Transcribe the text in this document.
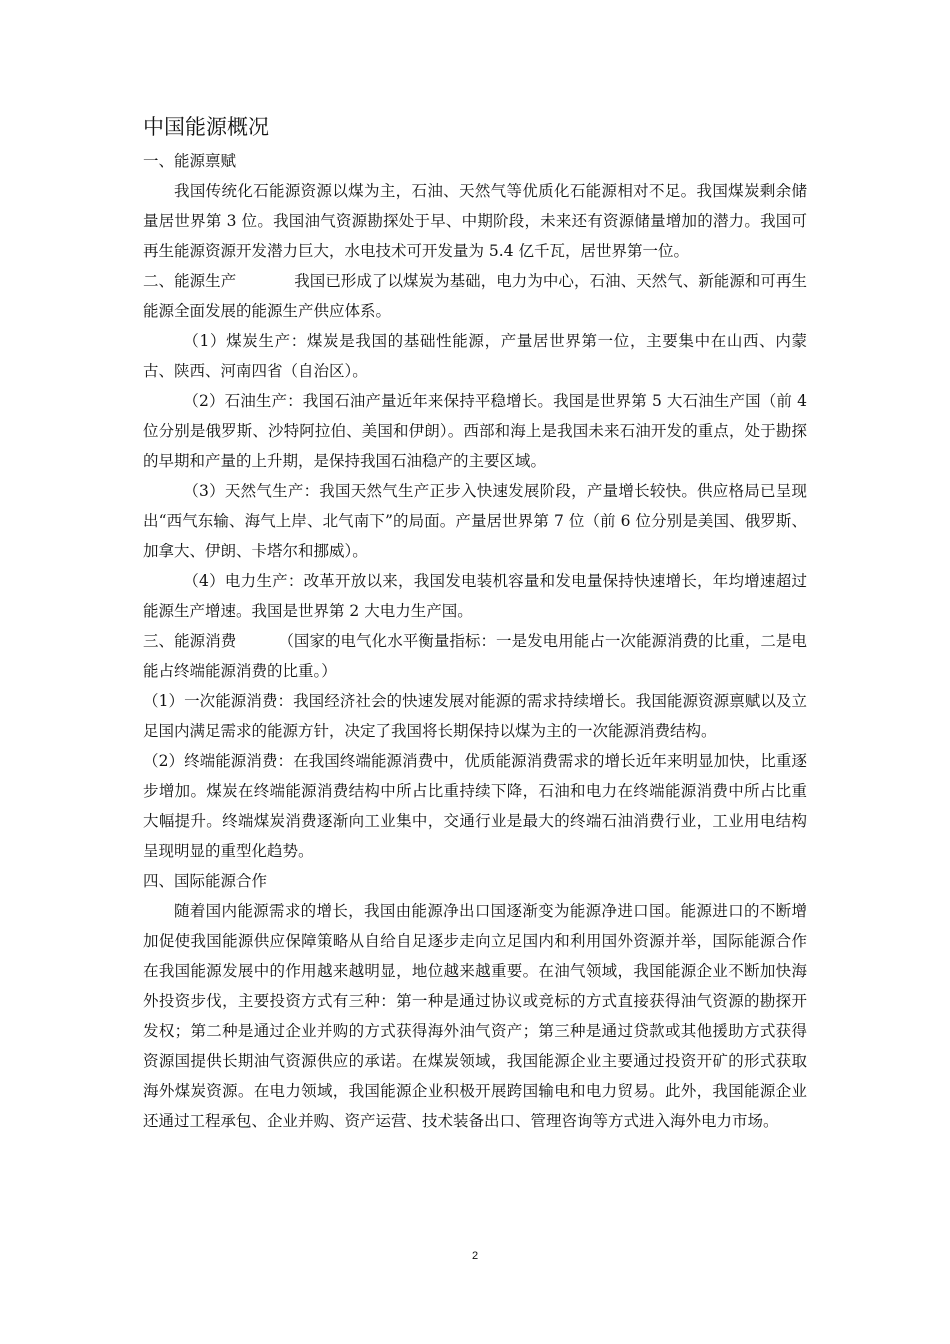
中国能源概况

一、能源禀赋

我国传统化石能源资源以煤为主，石油、天然气等优质化石能源相对不足。我国煤炭剩余储量居世界第 3 位。我国油气资源勘探处于早、中期阶段，未来还有资源储量增加的潜力。我国可再生能源资源开发潜力巨大，水电技术可开发量为 5.4 亿千瓦，居世界第一位。

二、能源生产	我国已形成了以煤炭为基础，电力为中心，石油、天然气、新能源和可再生能源全面发展的能源生产供应体系。

（1）煤炭生产：煤炭是我国的基础性能源，产量居世界第一位，主要集中在山西、内蒙古、陕西、河南四省（自治区）。

（2）石油生产：我国石油产量近年来保持平稳增长。我国是世界第 5 大石油生产国（前 4 位分别是俄罗斯、沙特阿拉伯、美国和伊朗）。西部和海上是我国未来石油开发的重点，处于勘探的早期和产量的上升期，是保持我国石油稳产的主要区域。

（3）天然气生产：我国天然气生产正步入快速发展阶段，产量增长较快。供应格局已呈现出“西气东输、海气上岸、北气南下”的局面。产量居世界第 7 位（前 6 位分别是美国、俄罗斯、加拿大、伊朗、卡塔尔和挪威）。

（4）电力生产：改革开放以来，我国发电装机容量和发电量保持快速增长，年均增速超过能源生产增速。我国是世界第 2 大电力生产国。

三、能源消费	（国家的电气化水平衡量指标：一是发电用能占一次能源消费的比重，二是电能占终端能源消费的比重。）

（1）一次能源消费：我国经济社会的快速发展对能源的需求持续增长。我国能源资源禀赋以及立足国内满足需求的能源方针，决定了我国将长期保持以煤为主的一次能源消费结构。

（2）终端能源消费：在我国终端能源消费中，优质能源消费需求的增长近年来明显加快，比重逐步增加。煤炭在终端能源消费结构中所占比重持续下降，石油和电力在终端能源消费中所占比重大幅提升。终端煤炭消费逐渐向工业集中，交通行业是最大的终端石油消费行业，工业用电结构呈现明显的重型化趋势。

四、国际能源合作

随着国内能源需求的增长，我国由能源净出口国逐渐变为能源净进口国。能源进口的不断增加促使我国能源供应保障策略从自给自足逐步走向立足国内和利用国外资源并举，国际能源合作在我国能源发展中的作用越来越明显，地位越来越重要。在油气领域，我国能源企业不断加快海外投资步伐，主要投资方式有三种：第一种是通过协议或竞标的方式直接获得油气资源的勘探开发权；第二种是通过企业并购的方式获得海外油气资产；第三种是通过贷款或其他援助方式获得资源国提供长期油气资源供应的承诺。在煤炭领域，我国能源企业主要通过投资开矿的形式获取海外煤炭资源。在电力领域，我国能源企业积极开展跨国输电和电力贸易。此外，我国能源企业还通过工程承包、企业并购、资产运营、技术装备出口、管理咨询等方式进入海外电力市场。

2
